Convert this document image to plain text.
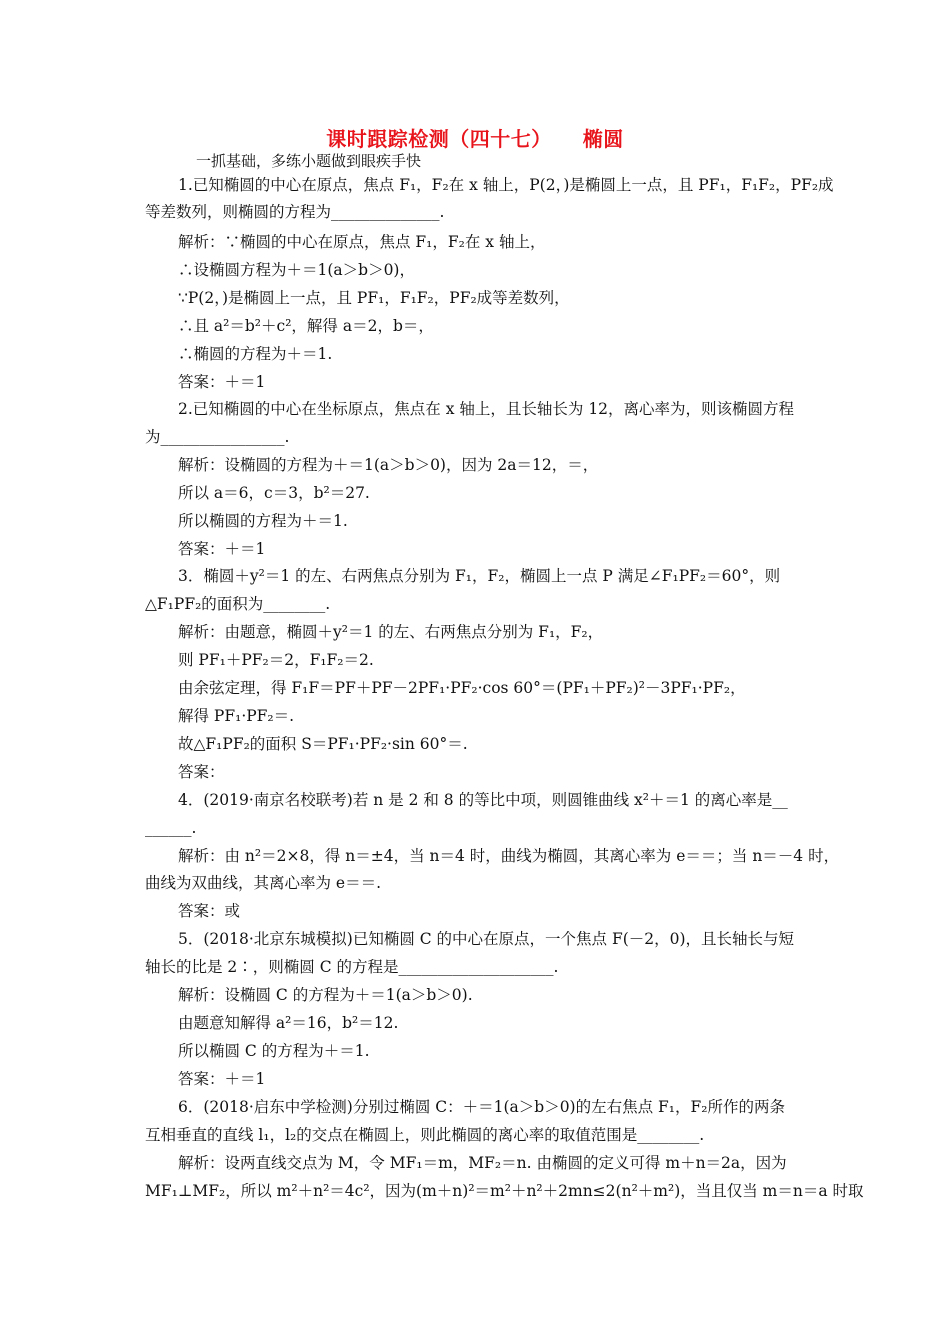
课时跟踪检测（四十七）　　椭圆
一抓基础，多练小题做到眼疾手快
1.已知椭圆的中心在原点，焦点 F₁，F₂在 x 轴上，P(2，)是椭圆上一点，且 PF₁，F₁F₂，PF₂成
等差数列，则椭圆的方程为______________.
解析：∵椭圆的中心在原点，焦点 F₁，F₂在 x 轴上，
∴设椭圆方程为＋＝1(a＞b＞0)，
∵P(2，)是椭圆上一点，且 PF₁，F₁F₂，PF₂成等差数列，
∴且 a²＝b²＋c²，解得 a＝2，b＝，
∴椭圆的方程为＋＝1.
答案：＋＝1
2.已知椭圆的中心在坐标原点，焦点在 x 轴上，且长轴长为 12，离心率为，则该椭圆方程
为________________.
解析：设椭圆的方程为＋＝1(a＞b＞0)，因为 2a＝12，＝，
所以 a＝6，c＝3，b²＝27.
所以椭圆的方程为＋＝1.
答案：＋＝1
3．椭圆＋y²＝1 的左、右两焦点分别为 F₁，F₂，椭圆上一点 P 满足∠F₁PF₂＝60°，则
△F₁PF₂的面积为________.
解析：由题意，椭圆＋y²＝1 的左、右两焦点分别为 F₁，F₂，
则 PF₁＋PF₂＝2，F₁F₂＝2.
由余弦定理，得 F₁F＝PF＋PF－2PF₁·PF₂·cos 60°＝(PF₁＋PF₂)²－3PF₁·PF₂，
解得 PF₁·PF₂＝.
故△F₁PF₂的面积 S＝PF₁·PF₂·sin 60°＝.
答案：
4．(2019·南京名校联考)若 n 是 2 和 8 的等比中项，则圆锥曲线 x²＋＝1 的离心率是__
______.
解析：由 n²＝2×8，得 n＝±4，当 n＝4 时，曲线为椭圆，其离心率为 e＝＝；当 n＝－4 时，
曲线为双曲线，其离心率为 e＝＝.
答案：或
5．(2018·北京东城模拟)已知椭圆 C 的中心在原点，一个焦点 F(－2，0)，且长轴长与短
轴长的比是 2∶，则椭圆 C 的方程是____________________.
解析：设椭圆 C 的方程为＋＝1(a＞b＞0).
由题意知解得 a²＝16，b²＝12.
所以椭圆 C 的方程为＋＝1.
答案：＋＝1
6．(2018·启东中学检测)分别过椭圆 C：＋＝1(a＞b＞0)的左右焦点 F₁，F₂所作的两条
互相垂直的直线 l₁，l₂的交点在椭圆上，则此椭圆的离心率的取值范围是________.
解析：设两直线交点为 M，令 MF₁＝m，MF₂＝n. 由椭圆的定义可得 m＋n＝2a，因为
MF₁⊥MF₂，所以 m²＋n²＝4c²，因为(m＋n)²＝m²＋n²＋2mn≤2(n²＋m²)，当且仅当 m＝n＝a 时取
